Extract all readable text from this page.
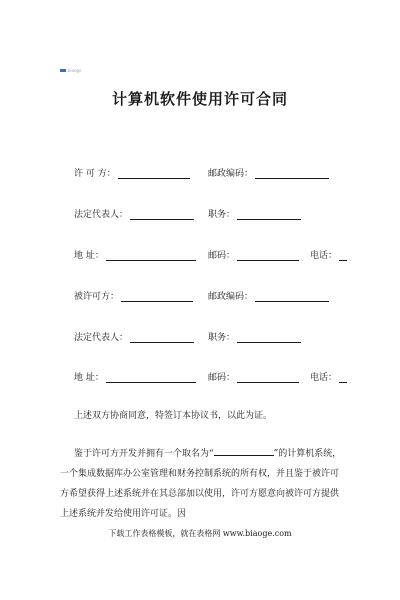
biaoge
计算机软件使用许可合同
许 可 方：	邮政编码：
法定代表人：	职务：
地 址：	邮码：	电话：
被许可方：	邮政编码：
法定代表人：	职务：
地 址：	邮码：	电话：
上述双方协商同意，特签订本协议书，以此为证。

鉴于许可方开发并拥有一个取名为“	”的计算机系统，一个集成数据库办公室管理和财务控制系统的所有权，并且鉴于被许可方希望获得上述系统并在其总部加以使用，许可方愿意向被许可方提供上述系统并发给使用许可证。因

下载工作表格模板，就在表格网 www.biaoge.com
